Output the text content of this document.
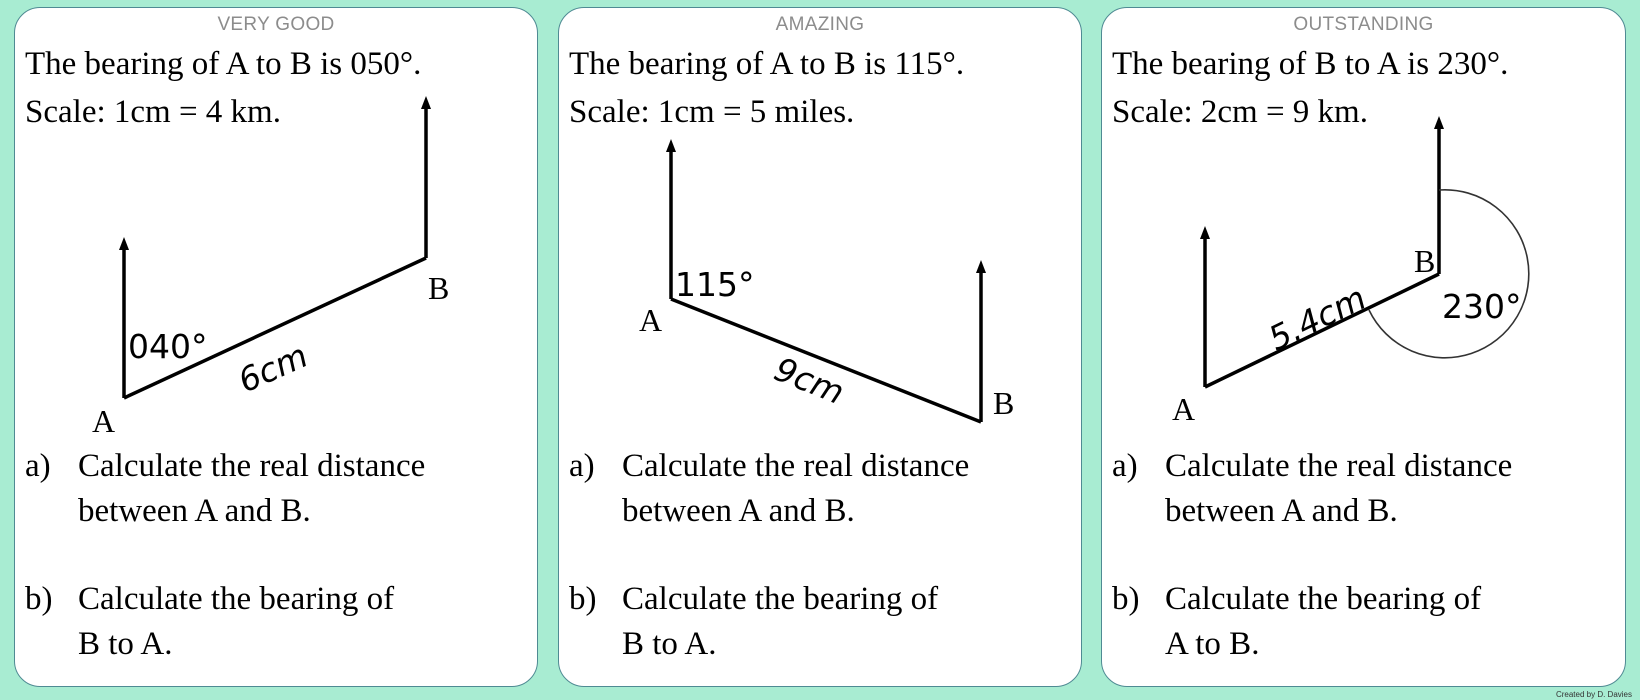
VERY GOOD
The bearing of A to B is 050°.
Scale: 1cm = 4 km.
040° 6cm
A
B
a) Calculate the real distance
between A and B.
b) Calculate the bearing of
B to A.
AMAZING
The bearing of A to B is 115°.
Scale: 1cm = 5 miles.
115°
9cm
A
B
a) Calculate the real distance
between A and B.
b) Calculate the bearing of
B to A.
OUTSTANDING
The bearing of B to A is 230°.
Scale: 2cm = 9 km.
230°
5.4cm
A
B
a) Calculate the real distance
between A and B.
b) Calculate the bearing of
A to B.
Created by D. Davies
